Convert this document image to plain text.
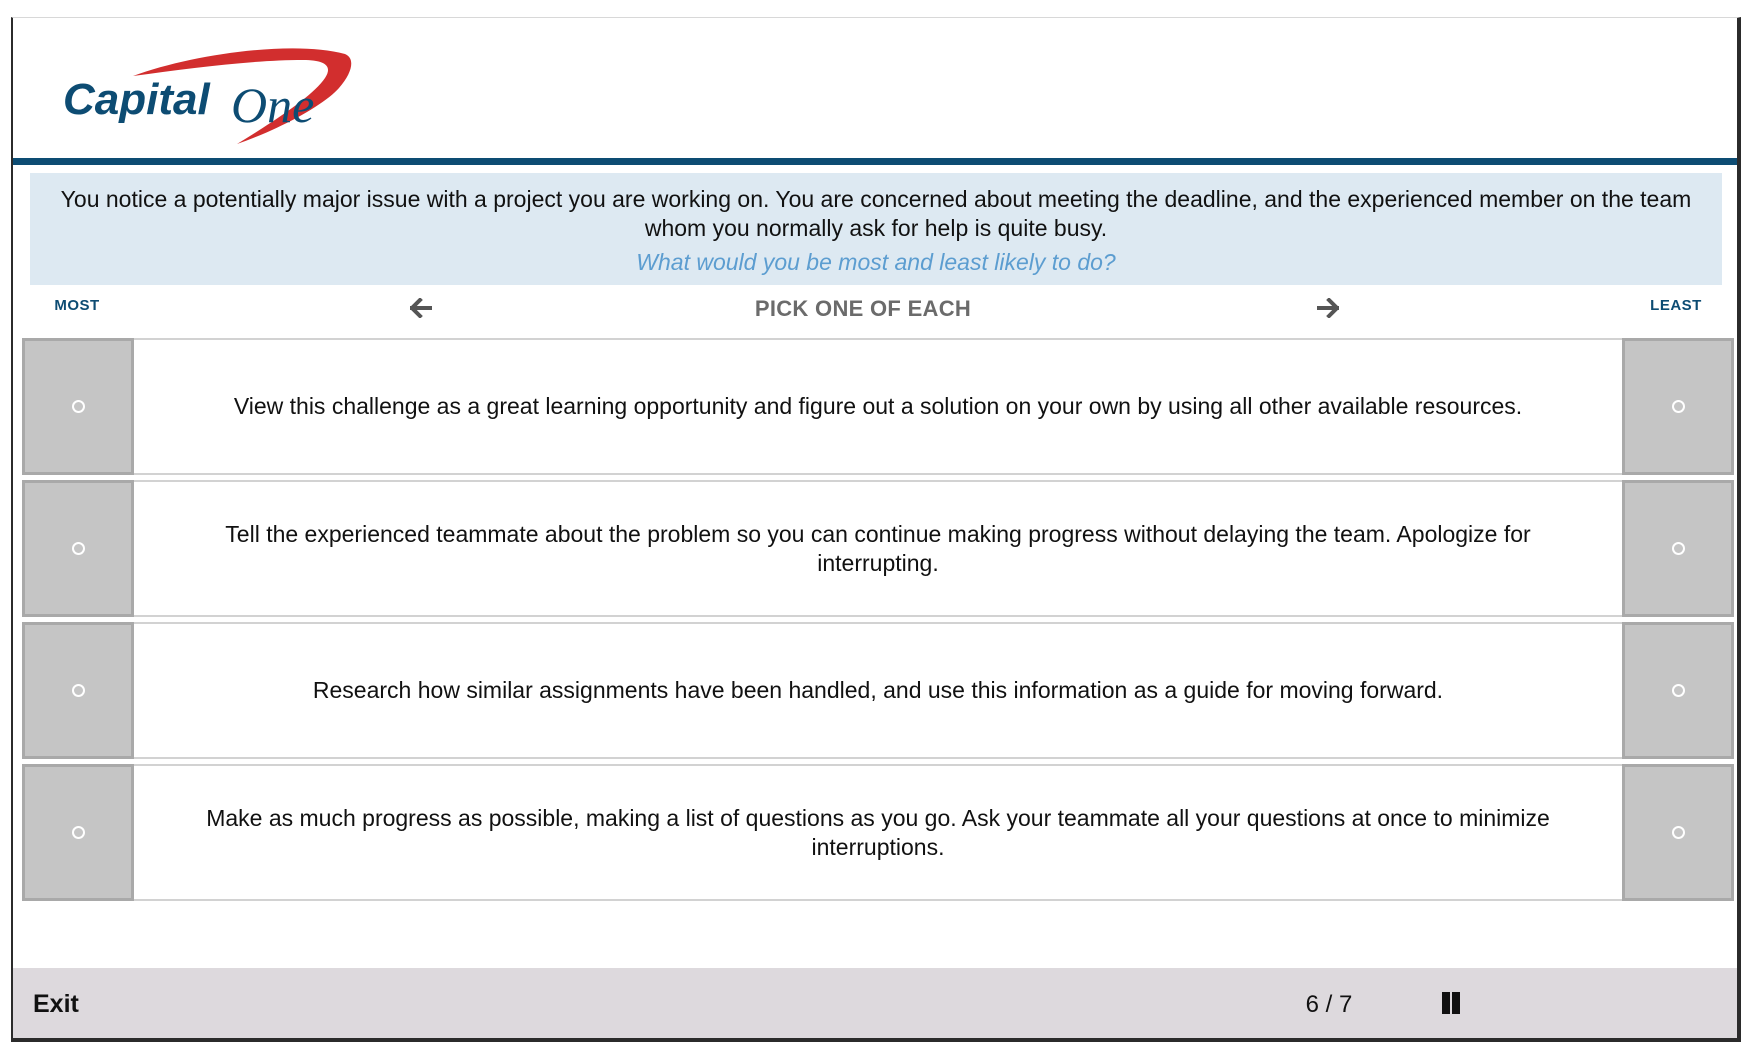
Capital One

You notice a potentially major issue with a project you are working on. You are concerned about meeting the deadline, and the experienced member on the team whom you normally ask for help is quite busy.

What would you be most and least likely to do?
MOST	PICK ONE OF EACH	LEAST
View this challenge as a great learning opportunity and figure out a solution on your own by using all other available resources.
Tell the experienced teammate about the problem so you can continue making progress without delaying the team. Apologize for interrupting.
Research how similar assignments have been handled, and use this information as a guide for moving forward.
Make as much progress as possible, making a list of questions as you go. Ask your teammate all your questions at once to minimize interruptions.
Exit	6 / 7
